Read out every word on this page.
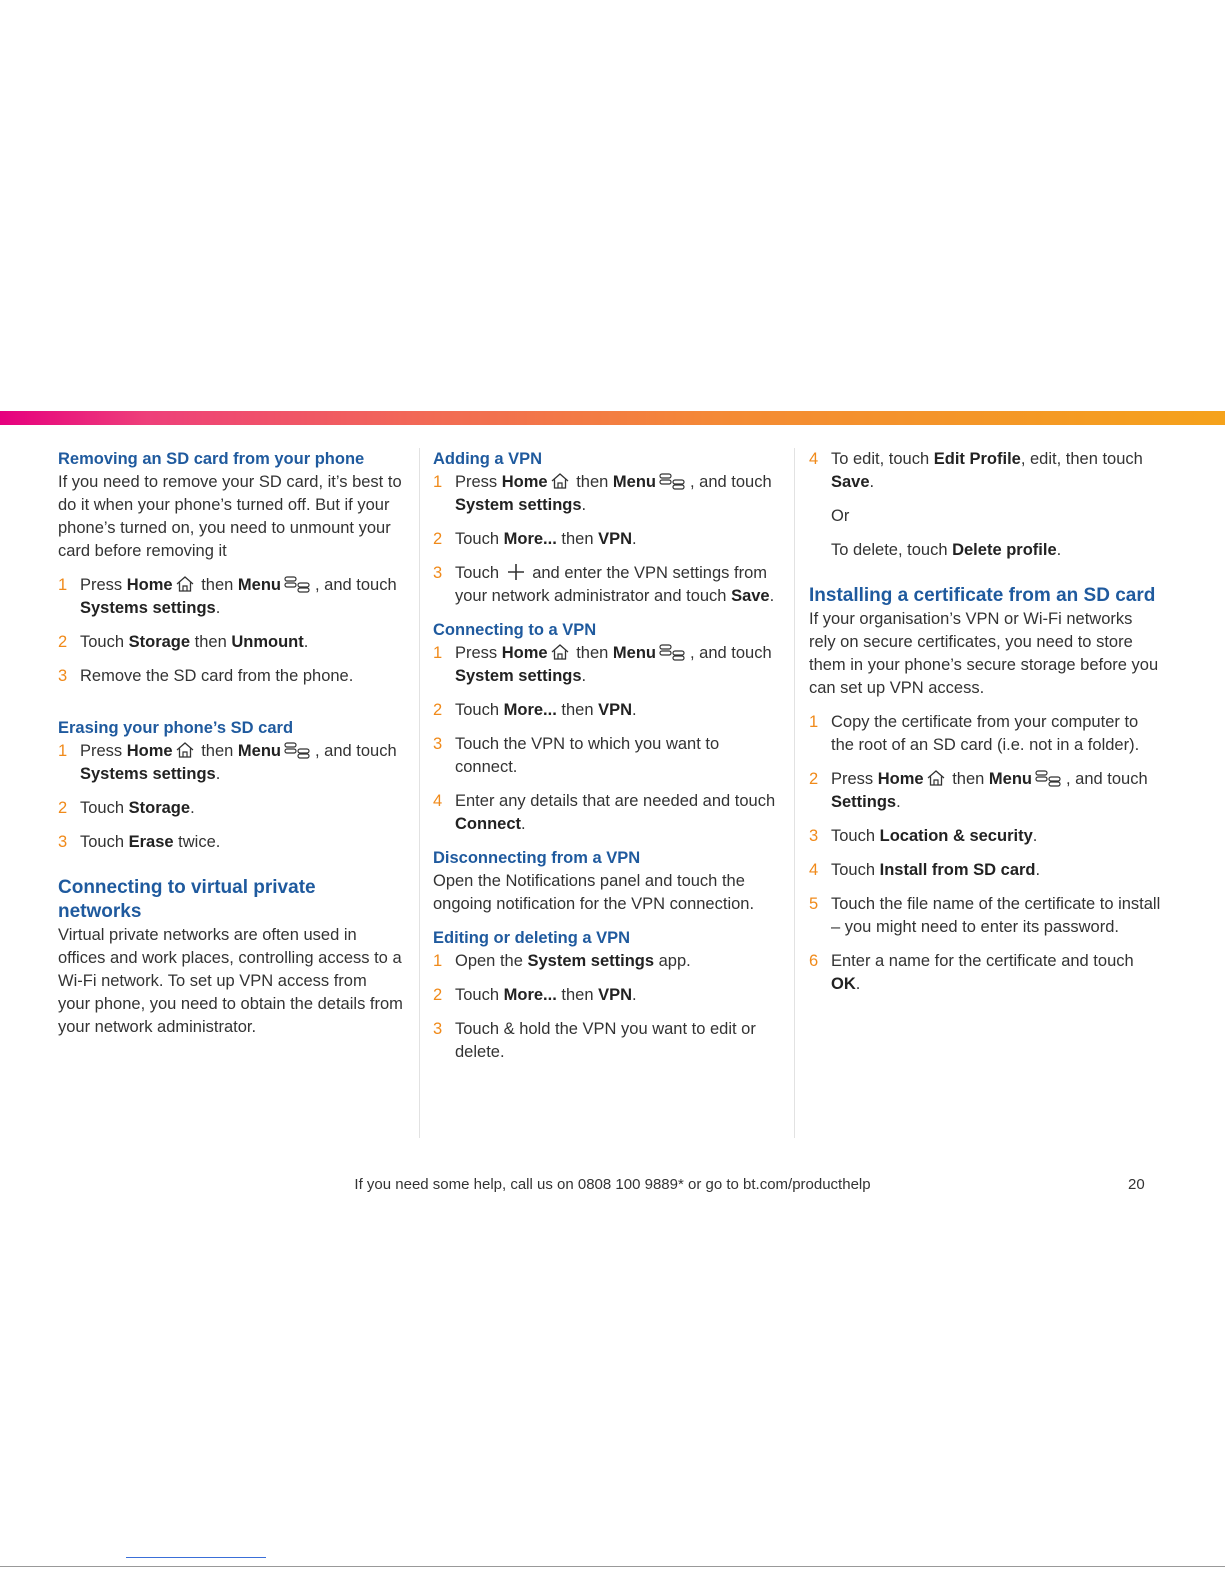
Removing an SD card from your phone

If you need to remove your SD card, it’s best to do it when your phone’s turned off. But if your phone’s turned on, you need to unmount your card before removing it

1 Press Home then Menu , and touch Systems settings.
2 Touch Storage then Unmount.
3 Remove the SD card from the phone.
Erasing your phone’s SD card
1 Press Home then Menu , and touch Systems settings.
2 Touch Storage.
3 Touch Erase twice.
Connecting to virtual private networks

Virtual private networks are often used in offices and work places, controlling access to a Wi-Fi network. To set up VPN access from your phone, you need to obtain the details from your network administrator.

Adding a VPN
1 Press Home then Menu , and touch System settings.
2 Touch More... then VPN.
3 Touch  and enter the VPN settings from your network administrator and touch Save.
Connecting to a VPN
1 Press Home then Menu , and touch System settings.
2 Touch More... then VPN.
3 Touch the VPN to which you want to connect.
4 Enter any details that are needed and touch Connect.
Disconnecting from a VPN

Open the Notifications panel and touch the ongoing notification for the VPN connection.

Editing or deleting a VPN
1 Open the System settings app.
2 Touch More... then VPN.
3 Touch & hold the VPN you want to edit or delete.
4 To edit, touch Edit Profile, edit, then touch Save.

Or

To delete, touch Delete profile.

Installing a certificate from an SD card

If your organisation’s VPN or Wi-Fi networks rely on secure certificates, you need to store them in your phone’s secure storage before you can set up VPN access.

1 Copy the certificate from your computer to the root of an SD card (i.e. not in a folder).
2 Press Home then Menu , and touch Settings.
3 Touch Location & security.
4 Touch Install from SD card.
5 Touch the file name of the certificate to install – you might need to enter its password.
6 Enter a name for the certificate and touch OK.
If you need some help, call us on 0808 100 9889* or go to bt.com/producthelp	20
